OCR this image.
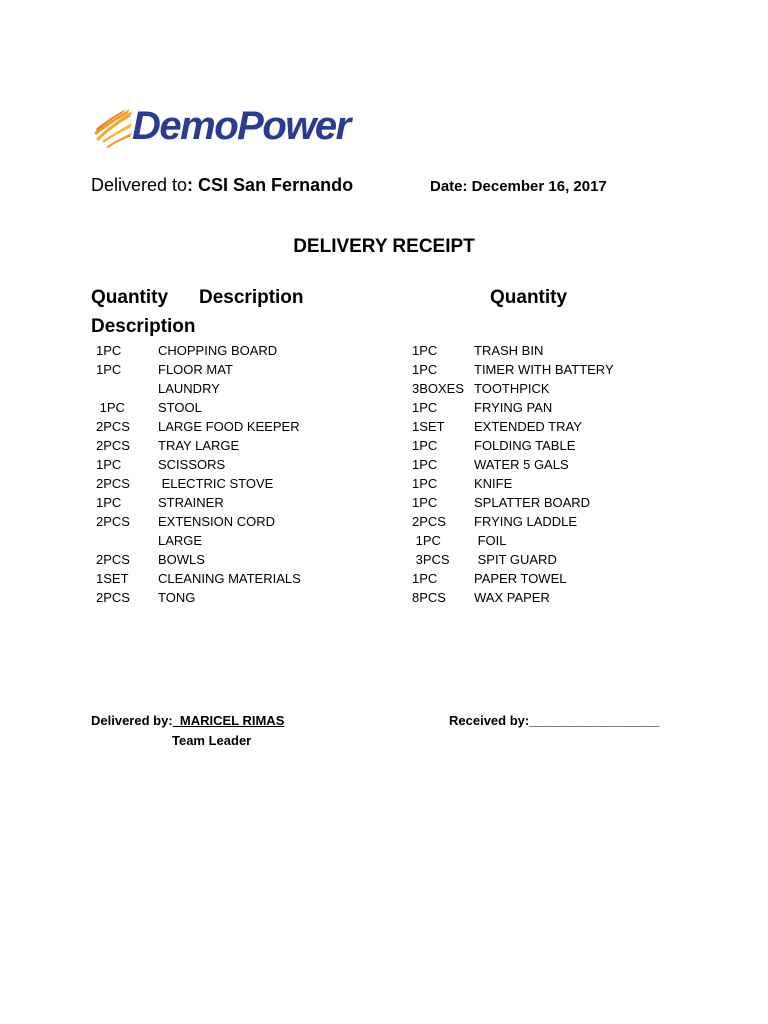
DemoPower
Delivered to: CSI San Fernando	Date: December 16, 2017
DELIVERY RECEIPT
Quantity Description	Quantity
Description
1PC	CHOPPING BOARD
1PC	FLOOR MAT
LAUNDRY
1PC	STOOL
2PCS LARGE FOOD KEEPER
2PCS TRAY LARGE
1PC	SCISSORS
2PCS ELECTRIC STOVE
1PC	STRAINER
2PCS EXTENSION CORD
LARGE
2PCS BOWLS
1SET CLEANING MATERIALS
2PCS TONG
1PC	TRASH BIN
1PC	TIMER WITH BATTERY
3BOXES TOOTHPICK
1PC	FRYING PAN
1SET EXTENDED TRAY
1PC	FOLDING TABLE
1PC	WATER 5 GALS
1PC	KNIFE
1PC	SPLATTER BOARD
2PCS FRYING LADDLE
1PC	FOIL
3PCS SPIT GUARD
1PC	PAPER TOWEL
8PCS WAX PAPER
Delivered by:  MARICEL RIMAS
Team Leader
Received by:__________________
